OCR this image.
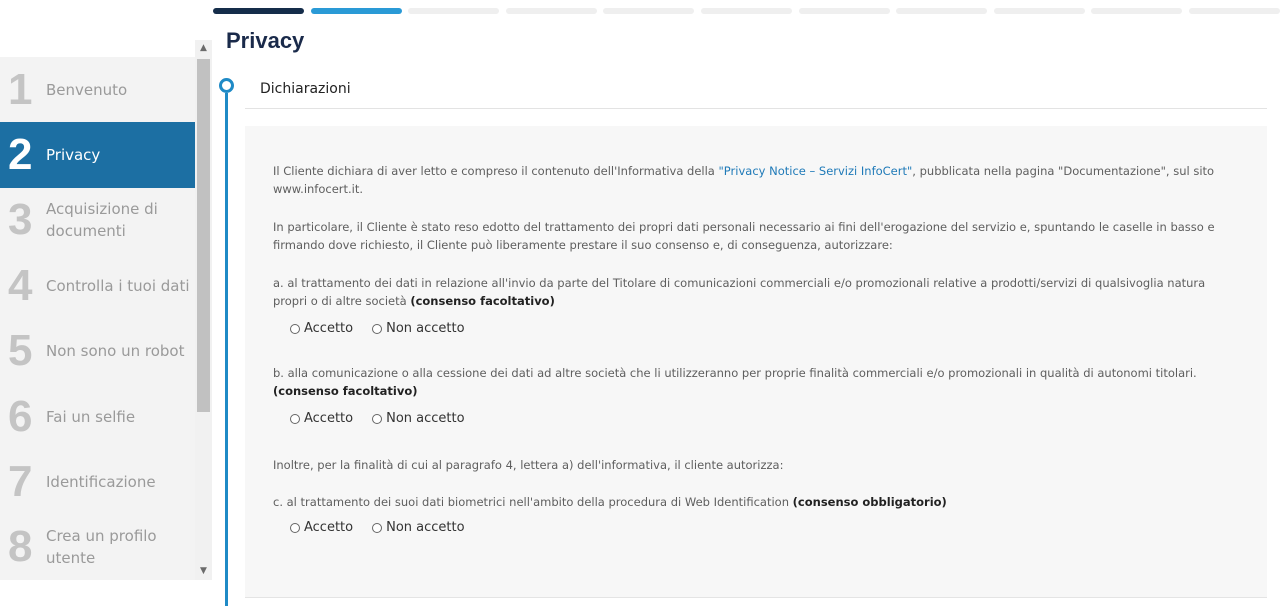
Privacy
1 Benvenuto
2 Privacy
3 Acquisizione di documenti
4 Controlla i tuoi dati
5 Non sono un robot
6 Fai un selfie
7 Identificazione
8 Crea un profilo utente
▲
▼
Dichiarazioni

Il Cliente dichiara di aver letto e compreso il contenuto dell'Informativa della "Privacy Notice – Servizi InfoCert", pubblicata nella pagina "Documentazione", sul sito www.infocert.it.

In particolare, il Cliente è stato reso edotto del trattamento dei propri dati personali necessario ai fini dell'erogazione del servizio e, spuntando le caselle in basso e firmando dove richiesto, il Cliente può liberamente prestare il suo consenso e, di conseguenza, autorizzare:

a. al trattamento dei dati in relazione all'invio da parte del Titolare di comunicazioni commerciali e/o promozionali relative a prodotti/servizi di qualsivoglia natura propri o di altre società (consenso facoltativo)

Accetto	Non accetto

b. alla comunicazione o alla cessione dei dati ad altre società che li utilizzeranno per proprie finalità commerciali e/o promozionali in qualità di autonomi titolari. (consenso facoltativo)

Accetto	Non accetto

Inoltre, per la finalità di cui al paragrafo 4, lettera a) dell'informativa, il cliente autorizza:

c. al trattamento dei suoi dati biometrici nell'ambito della procedura di Web Identification (consenso obbligatorio)

Accetto	Non accetto
